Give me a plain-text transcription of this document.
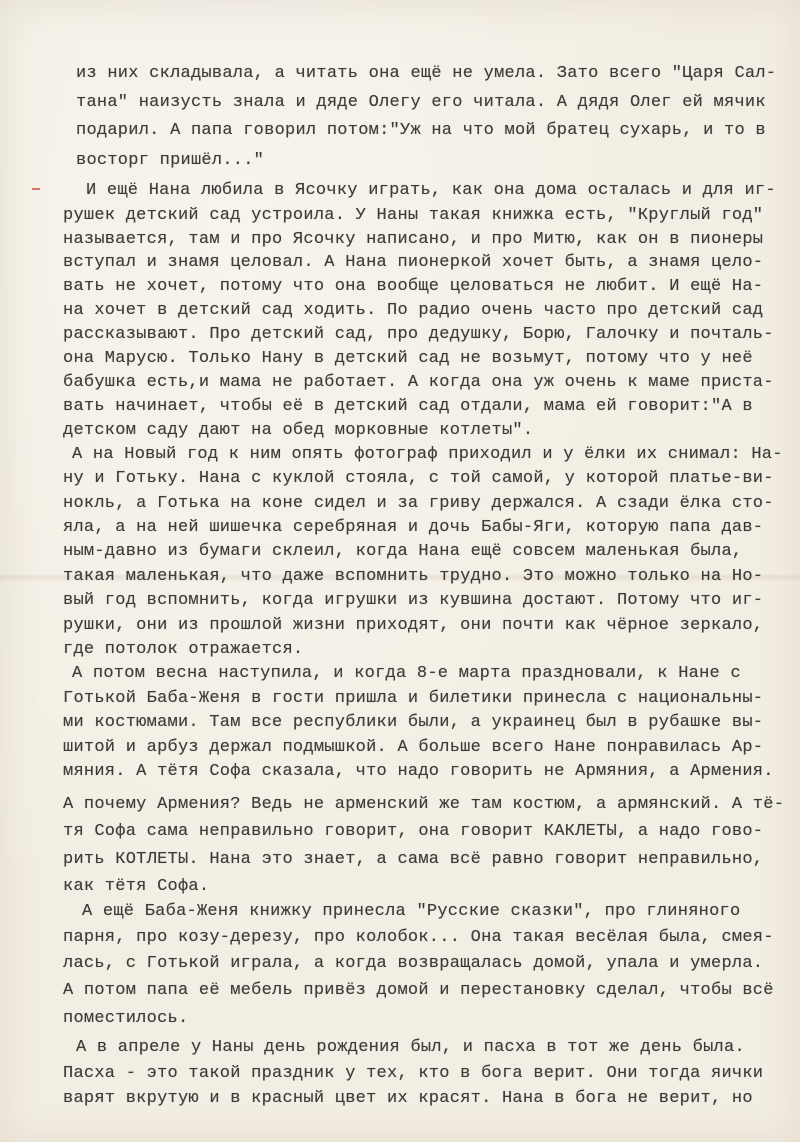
из них складывала, а читать она ещё не умела. Зато всего "Царя Сал-
тана" наизусть знала и дяде Олегу его читала. А дядя Олег ей мячик
подарил. А папа говорил потом:"Уж на что мой братец сухарь, и то в
восторг пришёл..."
И ещё Нана любила в Ясочку играть, как она дома осталась и для иг-
рушек детский сад устроила. У Наны такая книжка есть, "Круглый год"
называется, там и про Ясочку написано, и про Митю, как он в пионеры
вступал и знамя целовал. А Нана пионеркой хочет быть, а знамя цело-
вать не хочет, потому что она вообще целоваться не любит. И ещё На-
на хочет в детский сад ходить. По радио очень часто про детский сад
рассказывают. Про детский сад, про дедушку, Борю, Галочку и почталь-
она Марусю. Только Нану в детский сад не возьмут, потому что у неё
бабушка есть,и мама не работает. А когда она уж очень к маме приста-
вать начинает, чтобы её в детский сад отдали, мама ей говорит:"А в
детском саду дают на обед морковные котлеты".
А на Новый год к ним опять фотограф приходил и у ёлки их снимал: На-
ну и Готьку. Нана с куклой стояла, с той самой, у которой платье-ви-
нокль, а Готька на коне сидел и за гриву держался. А сзади ёлка сто-
яла, а на ней шишечка серебряная и дочь Бабы-Яги, которую папа дав-
ным-давно из бумаги склеил, когда Нана ещё совсем маленькая была,
такая маленькая, что даже вспомнить трудно. Это можно только на Но-
вый год вспомнить, когда игрушки из кувшина достают. Потому что иг-
рушки, они из прошлой жизни приходят, они почти как чёрное зеркало,
где потолок отражается.
А потом весна наступила, и когда 8-е марта праздновали, к Нане с
Готькой Баба-Женя в гости пришла и билетики принесла с национальны-
ми костюмами. Там все республики были, а украинец был в рубашке вы-
шитой и арбуз держал подмышкой. А больше всего Нане понравилась Ар-
мяния. А тётя Софа сказала, что надо говорить не Армяния, а Армения.
А почему Армения? Ведь не арменский же там костюм, а армянский. А тё-
тя Софа сама неправильно говорит, она говорит КАКЛЕТЫ, а надо гово-
рить КОТЛЕТЫ. Нана это знает, а сама всё равно говорит неправильно,
как тётя Софа.
А ещё Баба-Женя книжку принесла "Русские сказки", про глиняного
парня, про козу-дерезу, про колобок... Она такая весёлая была, смея-
лась, с Готькой играла, а когда возвращалась домой, упала и умерла.
А потом папа её мебель привёз домой и перестановку сделал, чтобы всё
поместилось.
А в апреле у Наны день рождения был, и пасха в тот же день была.
Пасха - это такой праздник у тех, кто в бога верит. Они тогда яички
варят вкрутую и в красный цвет их красят. Нана в бога не верит, но
